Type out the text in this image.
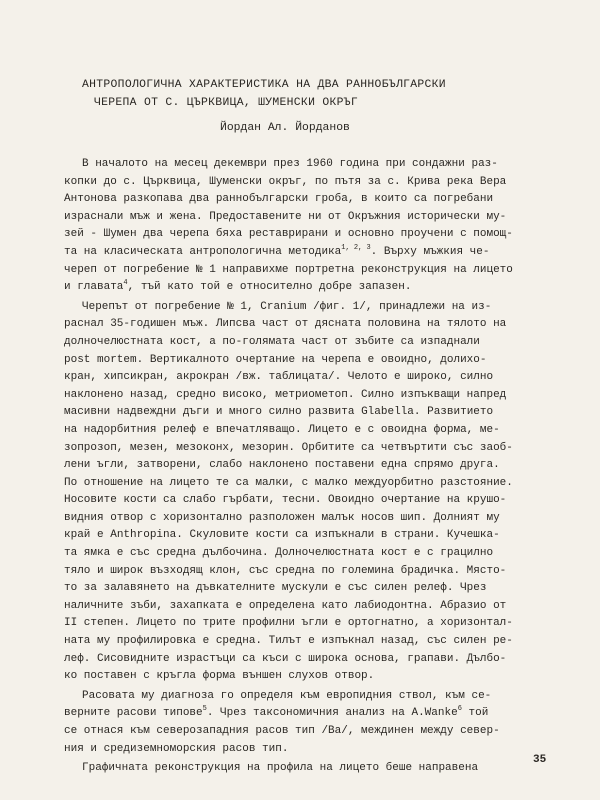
АНТРОПОЛОГИЧНА ХАРАКТЕРИСТИКА НА ДВА РАННОБЪЛГАРСКИ
ЧЕРЕПА ОТ С. ЦЪРКВИЦА, ШУМЕНСКИ ОКРЪГ
Йордан Ал. Йорданов
В началото на месец декември през 1960 година при сондажни раз-
копки до с. Църквица, Шуменски окръг, по пътя за с. Крива река Вера
Антонова разкопава два раннобългарски гроба, в които са погребани
израснали мъж и жена. Предоставените ни от Окръжния исторически му-
зей - Шумен два черепа бяха реставрирани и основно проучени с помощ-
та на класическата антропологична методика$^{1, 2, 3}$. Върху мъжкия че-
череп от погребение № 1 направихме портретна реконструкция на лицето
и главата$^4$, тъй като той е относително добре запазен.
Черепът от погребение № 1, Cranium /фиг. 1/, принадлежи на из-
раснал 35-годишен мъж. Липсва част от дясната половина на тялото на
долночелюстната кост, а по-голямата част от зъбите са изпаднали
post mortem. Вертикалното очертание на черепа е овоидно, долихо-
кран, хипсикран, акрокран /вж. таблицата/. Челото е широко, силно
наклонено назад, средно високо, метриометоп. Силно изпъкващи напред
масивни надвеждни дъги и много силно развита Glabella. Развитието
на надорбитния релеф е впечатляващо. Лицето е с овоидна форма, ме-
зопрозоп, мезен, мезоконх, мезорин. Орбитите са четвъртити със заоб-
лени ъгли, затворени, слабо наклонено поставени една спрямо друга.
По отношение на лицето те са малки, с малко междуорбитно разстояние.
Носовите кости са слабо гърбати, тесни. Овоидно очертание на крушо-
видния отвор с хоризонтално разположен малък носов шип. Долният му
край е Anthropina. Скуловите кости са изпъкнали в страни. Кучешка-
та ямка е със средна дълбочина. Долночелюстната кост е с грацилно
тяло и широк възходящ клон, със средна по големина брадичка. Място-
то за залавянето на дъвкателните мускули е със силен релеф. Чрез
наличните зъби, захапката е определена като лабиодонтна. Абразио от
II степен. Лицето по трите профилни ъгли е ортогнатно, а хоризонтал-
ната му профилировка е средна. Тилът е изпъкнал назад, със силен ре-
леф. Сисовидните израстъци са къси с широка основа, грапави. Дълбо-
ко поставен с кръгла форма външен слухов отвор.
Расовата му диагноза го определя към европидния ствол, към се-
верните расови типове$^5$. Чрез таксономичния анализ на A.Wanke$^6$ той
се отнася към северозападния расов тип /Ва/, междинен между север-
ния и средиземноморския расов тип.
Графичната реконструкция на профила на лицето беше направена
35
